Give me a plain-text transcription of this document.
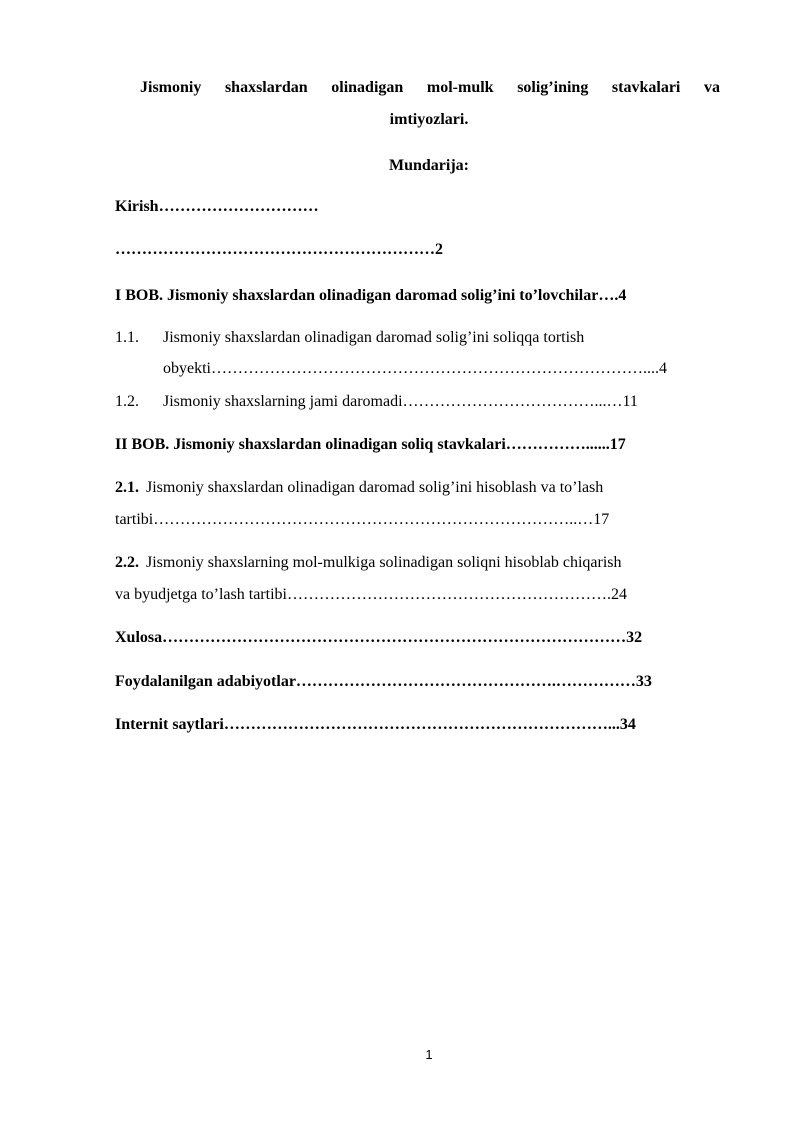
Jismoniy shaxslardan olinadigan mol-mulk solig’ining stavkalari va
imtiyozlari.
Mundarija:
Kirish…………………………
……………………………………………………2
I BOB. Jismoniy shaxslardan olinadigan daromad solig’ini to’lovchilar….4
1.1. Jismoniy shaxslardan olinadigan daromad solig’ini soliqqa tortish
obyekti………………………………………………………………………....4
1.2. Jismoniy shaxslarning jami daromadi………………………………...…11
II BOB. Jismoniy shaxslardan olinadigan soliq stavkalari……………......17
2.1. Jismoniy shaxslardan olinadigan daromad solig’ini hisoblash va to’lash
tartibi……………………………………………………………………..…17
2.2. Jismoniy shaxslarning mol-mulkiga solinadigan soliqni hisoblab chiqarish
va byudjetga to’lash tartibi…………………………………………………….24
Xulosa……………………………………………………………………………32
Foydalanilgan adabiyotlar………………………………………….……………33
Internit saytlari………………………………………………………………...34
1
